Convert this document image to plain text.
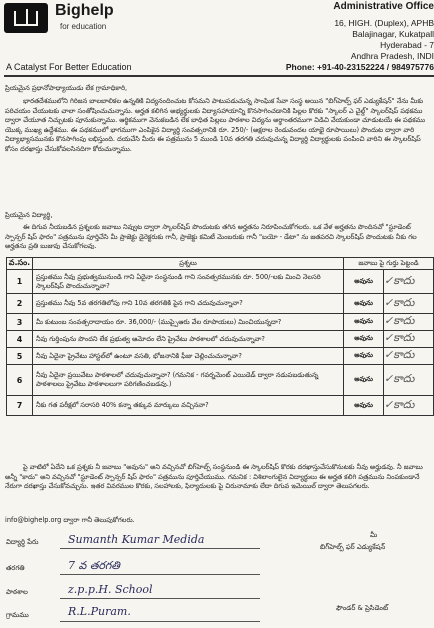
Bighelp
for education
A Catalyst For Better Education
Administrative Office
16, HIGH. (Duplex), APHB
Balajinagar, Kukatpall
Hyderabad - 7
Andhra Pradesh, INDI
Phone: +91-40-23152224 / 984975776
ప్రియమైన ప్రధానోపాధ్యాయుడు లేక గ్రామాధికారి,
భారతదేశములోని గిరిజన బాలబాలికల ఉన్నతికి విద్యనందించుట కోసమని పాటుపడుచున్న సాంఘిక సేవా సంస్థ అయిన "బిగ్‌హెల్ప్ ఫర్ ఎడ్యుకేషన్" నేను మీకు పరిచయం చేయుటకు చాలా సంతోషించుచున్నాను. అర్హత కలిగిన అభ్యర్థులకు విద్యాసహాయాన్ని కొనసాగించడానికి పిల్లల కొరకు "స్కాలర్ ఎ చైల్డ్" స్కాలర్‌షిప్ పథకము ద్వారా చేయూత నిచ్చుటకు పూనుకున్నాము. ఆర్థికముగా వెనుకబడిన లేక బాధిత పిల్లలు పాఠశాల విద్యను అర్థాంతరముగా విడిచి వేయకుండా చూడుటయే ఈ పథకము యొక్క ముఖ్య ఉద్దేశము. ఈ పథకములో భాగముగా ఎంపికైన విద్యార్థి సంవత్సరానికి రూ. 250/- (అక్షరాల రెండువందల యాభై రూపాయిలు) పొందుట ద్వారా వారి విద్యాభ్యాసమునకు కొనసాగింపు లభిస్తుంది. దయచేసి మీరు ఈ పత్రమును 5 ముండి 10వ తరగతి చదువుచున్న విద్యార్థి విద్యార్థులకు పంపించి వారిని ఈ స్కాలర్‌షిప్ కోసం దరఖాస్తు చేసుకోవలసినదిగా కోరుచున్నాము.
ప్రియమైన విద్యార్థి,
ఈ దిగువ నీయబడిన ప్రశ్నలకు జవాబు నివ్వుట ద్వారా స్కాలర్‌షిప్ పొందుటకు తగిన అర్హతను నిరూపించుకోగలరు. ఒక వేళ అర్హతను పొందినచో "స్టూడెంట్ స్పాన్సర్ షిప్ ఫారం" పత్రమును పూర్తిచేసి మీ ప్రాజెక్టు డైరెక్టరుకు గానీ, ప్రాజెక్టు కమిటీ మెంబరుకు గానీ "బయో - డేటా" ను జతపరచి స్కాలర్‌షిప్ పొందుటకు నీకు గల అర్హతను ప్రతి బుజువు చేసుకోగలవు.
వ.సం.	ప్రశ్నలు	జవాబు పై గుర్తు పెట్టండి	
1	ప్రస్తుతము నీవు ప్రభుత్వమునుండి గాని ఏదైనా సంస్థనుండి గాని సంవత్సరమునకు రూ. 500/-లకు మించి నెలసరి స్కాలర్‌షిప్ పొందుచున్నావా?	అవును	✓కాదు
2	ప్రస్తుతము నీవు 5వ తరగతిలోపు గాని 10వ తరగతికి పైన గాని చదువుచున్నావా?	అవును	✓కాదు
3	మీ కుటుంబ సంవత్సరాదాయం రూ. 36,000/- (ముప్పైఆరు వేల రూపాయలు) మించియున్నదా?	అవును	✓కాదు
4	నీవు గుర్తింపును పొందని లేక ప్రభుత్వ ఆమోదం లేని ప్రైవేటు పాఠశాలలో చదువుచున్నావా?	అవును	✓కాదు
5	నీవు ఏదైనా ప్రైవేటు హాస్టల్‌లో ఉంటూ వసతి, భోజనానికి ఫీజు చెల్లించుచున్నావా?	అవును	✓కాదు
6	నీవు ఏదైనా ప్రయివేటు పాఠశాలలో చదువుచున్నావా? (గమనిక - గవర్నమెంట్ ఎయిడెడ్ ద్వారా నడుపబడుతున్న పాఠశాలలు ప్రైవేటు పాఠశాలలుగా పరిగణించబడవు.)	అవును	✓కాదు
7	నీకు గత పరీక్షలో సరాసరి 40% కన్నా తక్కువ మార్కులు వచ్చినవా?	అవును	✓కాదు
పై వాటిలో ఏదేని ఒక ప్రశ్నకు నీ జవాబు "అవును" అని వచ్చినచో బిగ్‌హెల్ప్ సంస్థనుండి ఈ స్కాలర్‌షిప్ కొరకు దరఖాస్తుచేసుకొనుటకు నీవు అర్హుడవు. నీ జవాబు అన్నీ "కాదు" అని వచ్చినచో "స్టూడెంట్ స్పాన్సర్ షిప్ ఫారం" పత్రమును పూర్తిచేయుము. గమనిక : విశిలాంగులైన విద్యార్థులు ఈ అర్హత కలిగి పత్రమును నింపకుండానే నేరుగా దరఖాస్తు చేసుకోవచ్చును. ఇతర వివరముల కొరకు, సలహాలకు, ఫిర్యాదులకు పై చిరునామాకు లేదా దిగువ ఇమెయిల్ ద్వారా తెలుపగలరు.
info@bighelp.org ద్వారా గానీ తెలుపుకోగలరు.
విద్యార్థి పేరు	Sumanth Kumar Medida
తరగతి	7 వ తరగతి
పాఠశాల	z.p.p.H. School
గ్రామము	R.L.Puram.
మీ
బిగ్‌హెల్ప్ ఫర్ ఎడ్యుకేషన్
ఫౌండర్ & ప్రెసిడెంట్
